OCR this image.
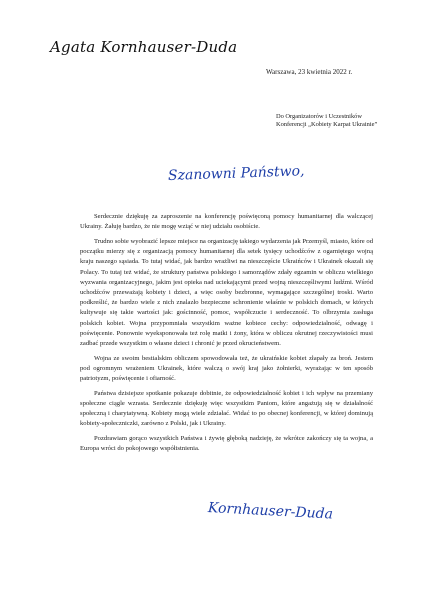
Agata Kornhauser-Duda
Warszawa, 23 kwietnia 2022 r.
Do Organizatorów i Uczestników
Konferencji „Kobiety Karpat Ukrainie”
Szanowni Państwo,

Serdecznie dziękuję za zaproszenie na konferencję poświęconą pomocy humanitarnej dla walczącej Ukrainy. Żałuję bardzo, że nie mogę wziąć w niej udziału osobiście.

Trudno sobie wyobrazić lepsze miejsce na organizację takiego wydarzenia jak Przemyśl, miasto, które od początku mierzy się z organizacją pomocy humanitarnej dla setek tysięcy uchodźców z ogarniętego wojną kraju naszego sąsiada. To tutaj widać, jak bardzo wrażliwi na nieszczęście Ukraińców i Ukrainek okazali się Polacy. To tutaj też widać, że struktury państwa polskiego i samorządów zdały egzamin w obliczu wielkiego wyzwania organizacyjnego, jakim jest opieka nad uciekającymi przed wojną nieszczęśliwymi ludźmi. Wśród uchodźców przeważają kobiety i dzieci, a więc osoby bezbronne, wymagające szczególnej troski. Warto podkreślić, że bardzo wiele z nich znalazło bezpieczne schronienie właśnie w polskich domach, w których kultywuje się takie wartości jak: gościnność, pomoc, współczucie i serdeczność. To olbrzymia zasługa polskich kobiet. Wojna przypomniała wszystkim ważne kobiece cechy: odpowiedzialność, odwagę i poświęcenie. Ponownie wyeksponowała też rolę matki i żony, która w obliczu okrutnej rzeczywistości musi zadbać przede wszystkim o własne dzieci i chronić je przed okrucieństwem.

Wojna ze swoim bestialskim obliczem spowodowała też, że ukraińskie kobiet złapały za broń. Jestem pod ogromnym wrażeniem Ukrainek, które walczą o swój kraj jako żołnierki, wyrażając w ten sposób patriotyzm, poświęcenie i ofiarność.

Państwa dzisiejsze spotkanie pokazuje dobitnie, że odpowiedzialność kobiet i ich wpływ na przemiany społeczne ciągle wzrasta. Serdecznie dziękuję więc wszystkim Paniom, które angażują się w działalność społeczną i charytatywną. Kobiety mogą wiele zdziałać. Widać to po obecnej konferencji, w której dominują kobiety-społeczniczki, zarówno z Polski, jak i Ukrainy.

Pozdrawiam gorąco wszystkich Państwa i żywię głęboką nadzieję, że wkrótce zakończy się ta wojna, a Europa wróci do pokojowego współistnienia.

Kornhauser-Duda
